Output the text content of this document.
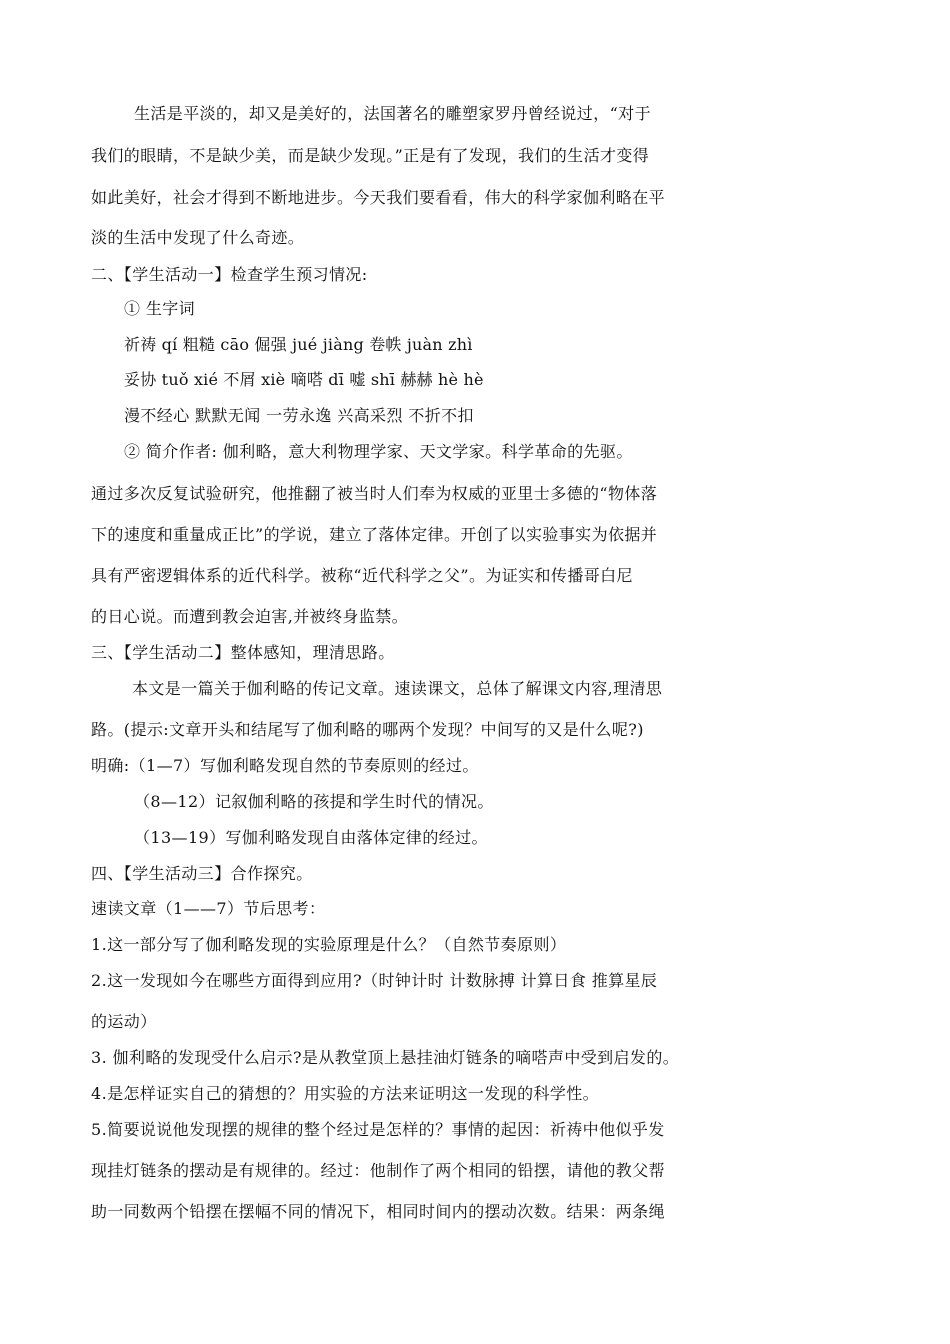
生活是平淡的，却又是美好的，法国著名的雕塑家罗丹曾经说过，“对于
我们的眼睛，不是缺少美，而是缺少发现。”正是有了发现，我们的生活才变得
如此美好，社会才得到不断地进步。今天我们要看看，伟大的科学家伽利略在平
淡的生活中发现了什么奇迹。
二、【学生活动一】检查学生预习情况:
① 生字词
祈祷 qí 粗糙 cāo 倔强 jué jiàng 卷帙 juàn zhì
妥协 tuǒ xié 不屑 xiè 嘀嗒 dī 嘘 shī 赫赫 hè hè
漫不经心 默默无闻 一劳永逸 兴高采烈 不折不扣
② 简介作者: 伽利略，意大利物理学家、天文学家。科学革命的先驱。
通过多次反复试验研究，他推翻了被当时人们奉为权威的亚里士多德的“物体落
下的速度和重量成正比”的学说，建立了落体定律。开创了以实验事实为依据并
具有严密逻辑体系的近代科学。被称“近代科学之父”。为证实和传播哥白尼
的日心说。而遭到教会迫害,并被终身监禁。
三、【学生活动二】整体感知，理清思路。
本文是一篇关于伽利略的传记文章。速读课文，总体了解课文内容,理清思
路。(提示:文章开头和结尾写了伽利略的哪两个发现？中间写的又是什么呢?)
明确:（1—7）写伽利略发现自然的节奏原则的经过。
（8—12）记叙伽利略的孩提和学生时代的情况。
（13—19）写伽利略发现自由落体定律的经过。
四、【学生活动三】合作探究。
速读文章（1——7）节后思考：
1.这一部分写了伽利略发现的实验原理是什么？（自然节奏原则）
2.这一发现如今在哪些方面得到应用?（时钟计时 计数脉搏 计算日食 推算星辰
的运动）
3. 伽利略的发现受什么启示?是从教堂顶上悬挂油灯链条的嘀嗒声中受到启发的。
4.是怎样证实自己的猜想的？用实验的方法来证明这一发现的科学性。
5.简要说说他发现摆的规律的整个经过是怎样的？事情的起因：祈祷中他似乎发
现挂灯链条的摆动是有规律的。经过：他制作了两个相同的铅摆，请他的教父帮
助一同数两个铅摆在摆幅不同的情况下，相同时间内的摆动次数。结果：两条绳
